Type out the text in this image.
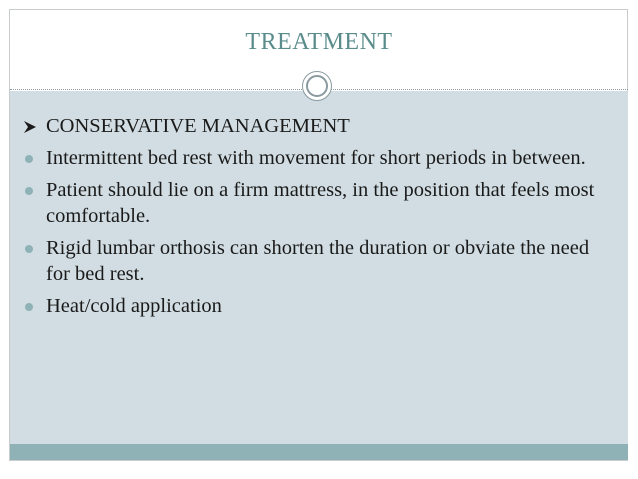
TREATMENT
CONSERVATIVE MANAGEMENT
Intermittent bed rest with movement for short periods in between.
Patient should lie on a firm mattress, in the position that feels most comfortable.
Rigid lumbar orthosis can shorten the duration or obviate the need for bed rest.
Heat/cold application
